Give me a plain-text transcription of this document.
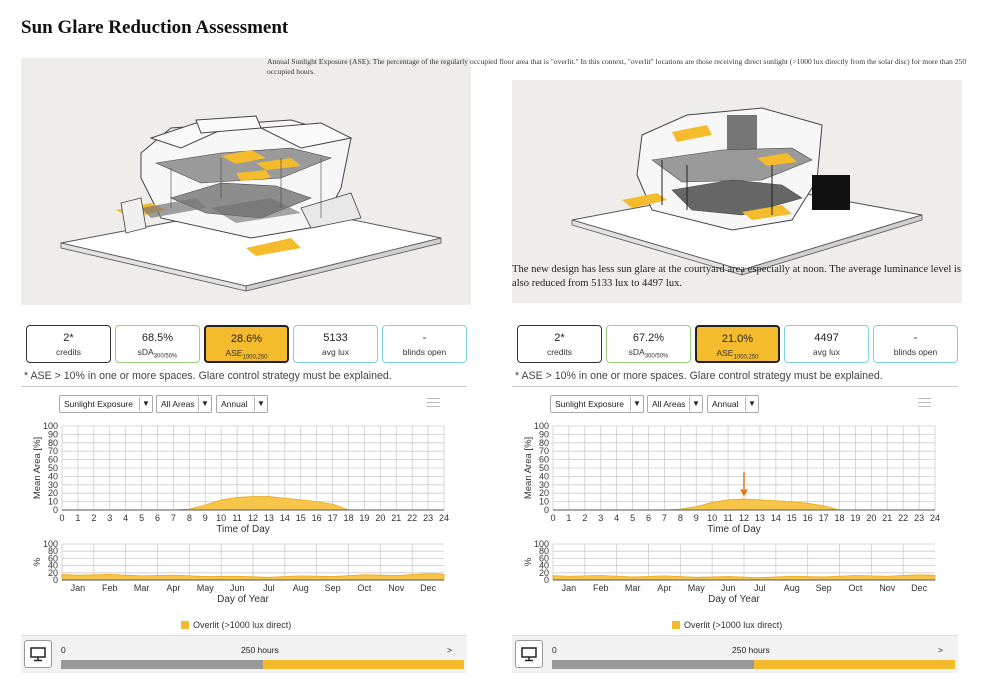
Sun Glare Reduction Assessment
Annual Sunlight Exposure (ASE): The percentage of the regularly occupied floor area that is "overlit." In this context, "overlit" locations are those receiving direct sunlight (>1000 lux directly from the solar disc) for more than 250 occupied hours.
The new design has less sun glare at the courtyard area especially at noon. The average luminance level is also reduced from 5133 lux to 4497 lux.
2*
credits
68.5%
sDA$_{300/50\%}$
28.6%
$ASE_{1000,250}$
5133
avg lux
-
blinds open
* ASE > 10% in one or more spaces. Glare control strategy must be explained.
Sunlight Exposure	▼	All Areas ▼	Annual	▼
0
10
20
30
40
50
60
70
80
90
100
0 1 2 3 4 5 6 7 8 9 10 11 12 13 14 15 16 17 18 19 20 21 22 23 24
Time of Day
Mean Area [%]
0
20
40
60
80
100
Jan Feb Mar Apr May Jun Jul Aug Sep Oct Nov Dec
Day of Year
%
Overlit (>1000 lux direct)
0	250 hours	>
2*
credits
67.2%
sDA$_{300/50\%}$
21.0%
$ASE_{1000,250}$
4497
avg lux
-
blinds open
* ASE > 10% in one or more spaces. Glare control strategy must be explained.
Sunlight Exposure	▼	All Areas ▼	Annual	▼
0
10
20
30
40
50
60
70
80
90
100
0 1 2 3 4 5 6 7 8 9 10 11 12 13 14 15 16 17 18 19 20 21 22 23 24
Time of Day
Mean Area [%]
0
20
40
60
80
100
Jan Feb Mar Apr May Jun Jul Aug Sep Oct Nov Dec
Day of Year
%
Overlit (>1000 lux direct)
0	250 hours	>
